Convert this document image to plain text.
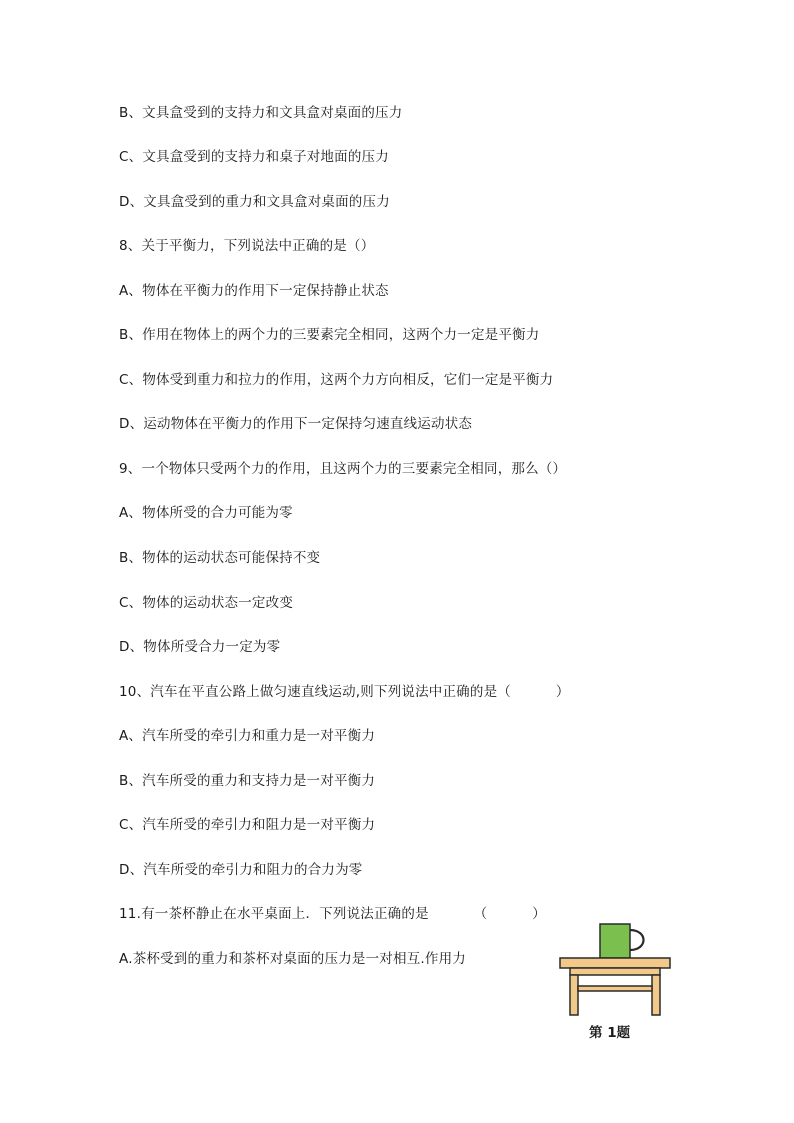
B、文具盒受到的支持力和文具盒对桌面的压力
C、文具盒受到的支持力和桌子对地面的压力
D、文具盒受到的重力和文具盒对桌面的压力
8、关于平衡力，下列说法中正确的是（）
A、物体在平衡力的作用下一定保持静止状态
B、作用在物体上的两个力的三要素完全相同，这两个力一定是平衡力
C、物体受到重力和拉力的作用，这两个力方向相反，它们一定是平衡力
D、运动物体在平衡力的作用下一定保持匀速直线运动状态
9、一个物体只受两个力的作用，且这两个力的三要素完全相同，那么（）
A、物体所受的合力可能为零
B、物体的运动状态可能保持不变
C、物体的运动状态一定改变
D、物体所受合力一定为零
10、汽车在平直公路上做匀速直线运动,则下列说法中正确的是（          ）
A、汽车所受的牵引力和重力是一对平衡力
B、汽车所受的重力和支持力是一对平衡力
C、汽车所受的牵引力和阻力是一对平衡力
D、汽车所受的牵引力和阻力的合力为零
11.有一茶杯静止在水平桌面上．下列说法正确的是          （          ）
A.茶杯受到的重力和茶杯对桌面的压力是一对相互.作用力
第 1题
